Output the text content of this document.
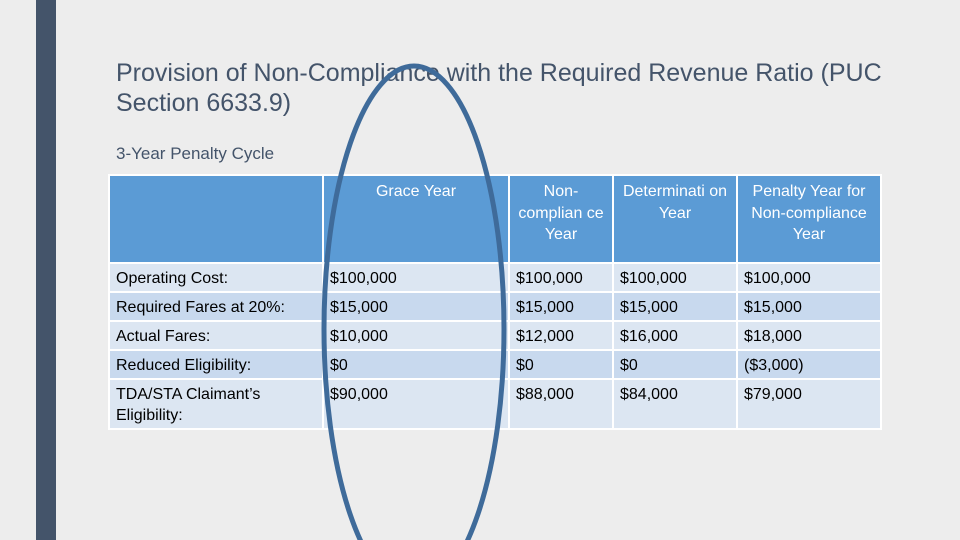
Provision of Non-Compliance with the Required Revenue Ratio (PUC Section 6633.9)
3-Year Penalty Cycle
	Grace Year	Non-complian ce Year	Determinati on Year	Penalty Year for Non-compliance Year
Operating Cost:	$100,000	$100,000	$100,000	$100,000
Required Fares at 20%:	$15,000	$15,000	$15,000	$15,000
Actual Fares:	$10,000	$12,000	$16,000	$18,000
Reduced Eligibility:	$0	$0	$0	($3,000)
TDA/STA Claimant’s Eligibility:	$90,000	$88,000	$84,000	$79,000
